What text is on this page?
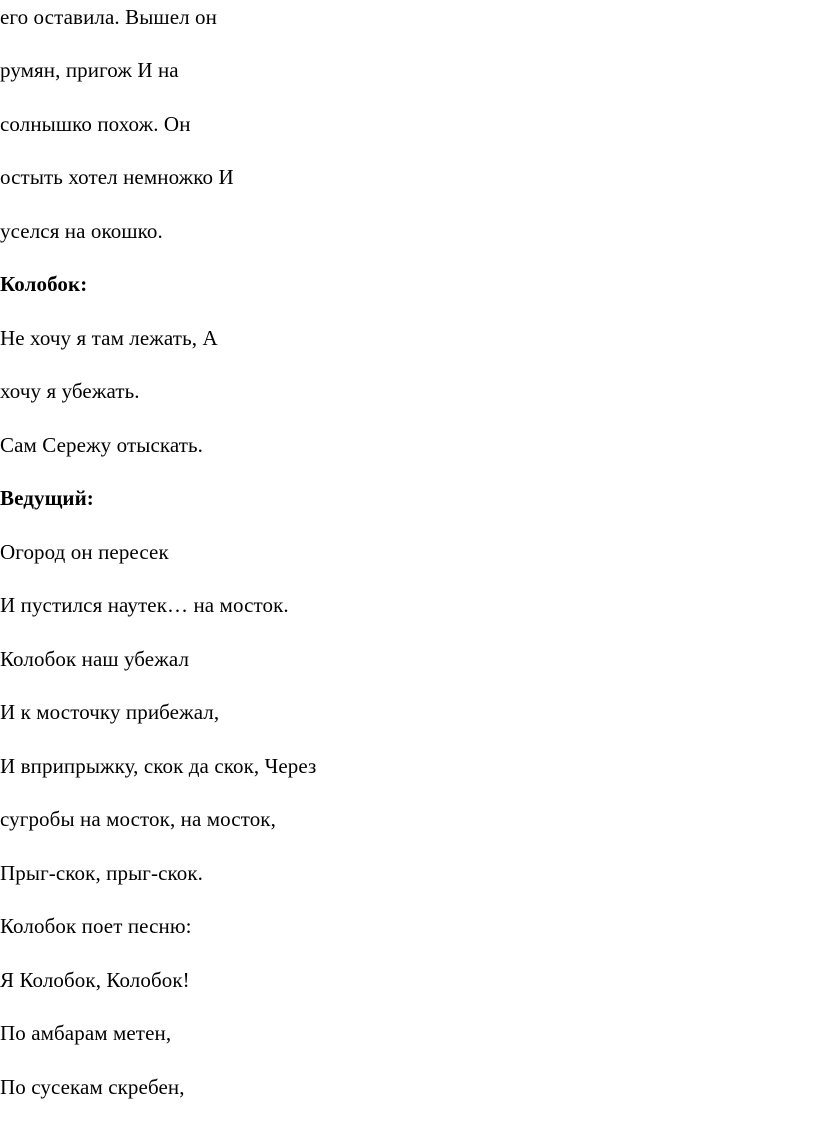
его оставила. Вышел он

румян, пригож И на

солнышко похож. Он

остыть хотел немножко И

уселся на окошко.

Колобок:

Не хочу я там лежать, А

хочу я убежать.

Сам Сережу отыскать.

Ведущий:

Огород он пересек

И пустился наутек… на мосток.

Колобок наш убежал

И к мосточку прибежал,

И вприпрыжку, скок да скок, Через

сугробы на мосток, на мосток,

Прыг-скок, прыг-скок.

Колобок поет песню:

Я Колобок, Колобок!

По амбарам метен,

По сусекам скребен,
